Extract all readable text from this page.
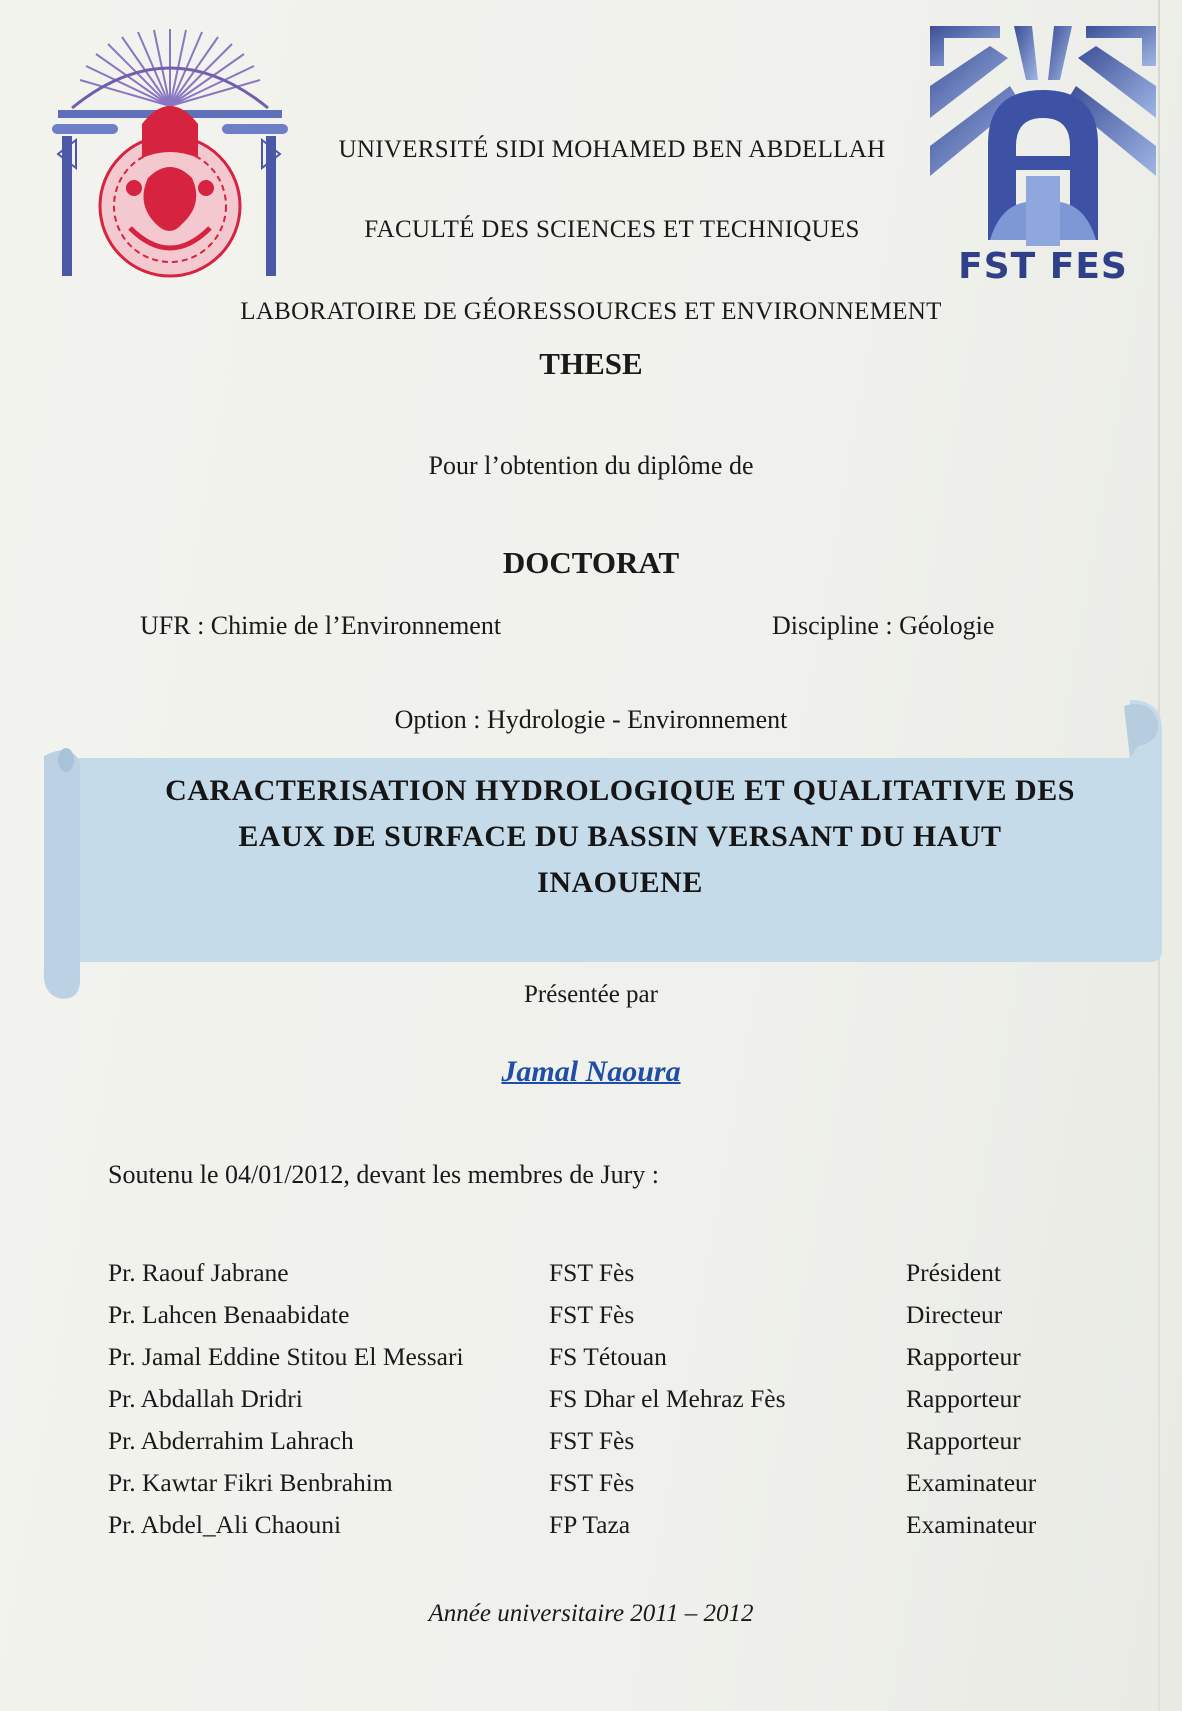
FST FES
UNIVERSITÉ SIDI MOHAMED BEN ABDELLAH
FACULTÉ DES SCIENCES ET TECHNIQUES
LABORATOIRE DE GÉORESSOURCES ET ENVIRONNEMENT
THESE
Pour l’obtention du diplôme de
DOCTORAT
UFR : Chimie de l’Environnement	Discipline : Géologie
Option : Hydrologie - Environnement
CARACTERISATION HYDROLOGIQUE ET QUALITATIVE DES
EAUX DE SURFACE DU BASSIN VERSANT DU HAUT
INAOUENE
Présentée par
Jamal Naoura
Soutenu le 04/01/2012, devant les membres de Jury :
Pr. Raouf Jabrane	FST Fès	Président
Pr. Lahcen Benaabidate	FST Fès	Directeur
Pr. Jamal Eddine Stitou El Messari	FS Tétouan	Rapporteur
Pr. Abdallah Dridri	FS Dhar el Mehraz Fès	Rapporteur
Pr. Abderrahim Lahrach	FST Fès	Rapporteur
Pr. Kawtar Fikri Benbrahim	FST Fès	Examinateur
Pr. Abdel_Ali Chaouni	FP Taza	Examinateur
Année universitaire 2011 – 2012
